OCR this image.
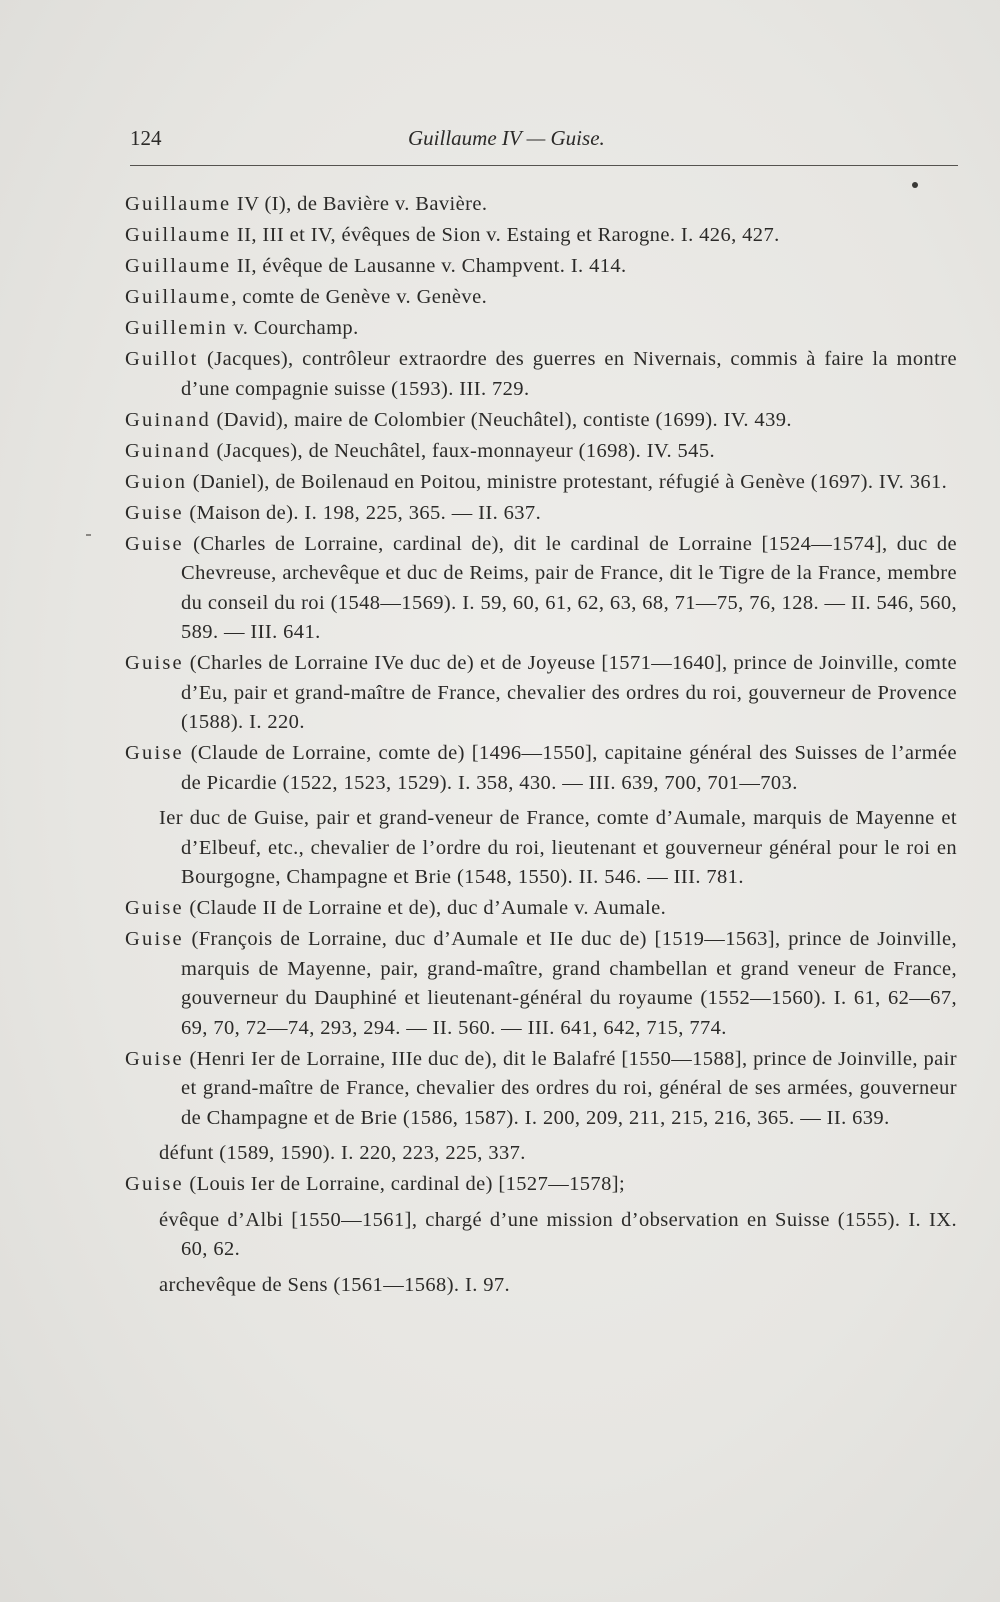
124	Guillaume IV — Guise.

Guillaume IV (I), de Bavière v. Bavière.

Guillaume II, III et IV, évêques de Sion v. Estaing et Rarogne. I. 426, 427.

Guillaume II, évêque de Lausanne v. Champvent. I. 414.

Guillaume, comte de Genève v. Genève.

Guillemin v. Courchamp.

Guillot (Jacques), contrôleur extraordre des guerres en Nivernais, commis à faire la montre d’une compagnie suisse (1593). III. 729.

Guinand (David), maire de Colombier (Neuchâtel), contiste (1699). IV. 439.

Guinand (Jacques), de Neuchâtel, faux-monnayeur (1698). IV. 545.

Guion (Daniel), de Boilenaud en Poitou, ministre protestant, réfugié à Genève (1697). IV. 361.

Guise (Maison de). I. 198, 225, 365. — II. 637.

Guise (Charles de Lorraine, cardinal de), dit le cardinal de Lorraine [1524—1574], duc de Chevreuse, archevêque et duc de Reims, pair de France, dit le Tigre de la France, membre du conseil du roi (1548—1569). I. 59, 60, 61, 62, 63, 68, 71—75, 76, 128. — II. 546, 560, 589. — III. 641.

Guise (Charles de Lorraine IVe duc de) et de Joyeuse [1571—1640], prince de Joinville, comte d’Eu, pair et grand-maître de France, chevalier des ordres du roi, gouverneur de Provence (1588). I. 220.

Guise (Claude de Lorraine, comte de) [1496—1550], capitaine général des Suisses de l’armée de Picardie (1522, 1523, 1529). I. 358, 430. — III. 639, 700, 701—703.

Ier duc de Guise, pair et grand-veneur de France, comte d’Aumale, marquis de Mayenne et d’Elbeuf, etc., chevalier de l’ordre du roi, lieutenant et gouverneur général pour le roi en Bourgogne, Champagne et Brie (1548, 1550). II. 546. — III. 781.

Guise (Claude II de Lorraine et de), duc d’Aumale v. Aumale.

Guise (François de Lorraine, duc d’Aumale et IIe duc de) [1519—1563], prince de Joinville, marquis de Mayenne, pair, grand-maître, grand chambellan et grand veneur de France, gouverneur du Dauphiné et lieutenant-général du royaume (1552—1560). I. 61, 62—67, 69, 70, 72—74, 293, 294. — II. 560. — III. 641, 642, 715, 774.

Guise (Henri Ier de Lorraine, IIIe duc de), dit le Balafré [1550—1588], prince de Joinville, pair et grand-maître de France, chevalier des ordres du roi, général de ses armées, gouverneur de Champagne et de Brie (1586, 1587). I. 200, 209, 211, 215, 216, 365. — II. 639.

défunt (1589, 1590). I. 220, 223, 225, 337.

Guise (Louis Ier de Lorraine, cardinal de) [1527—1578];

évêque d’Albi [1550—1561], chargé d’une mission d’observation en Suisse (1555). I. IX. 60, 62.

archevêque de Sens (1561—1568). I. 97.
